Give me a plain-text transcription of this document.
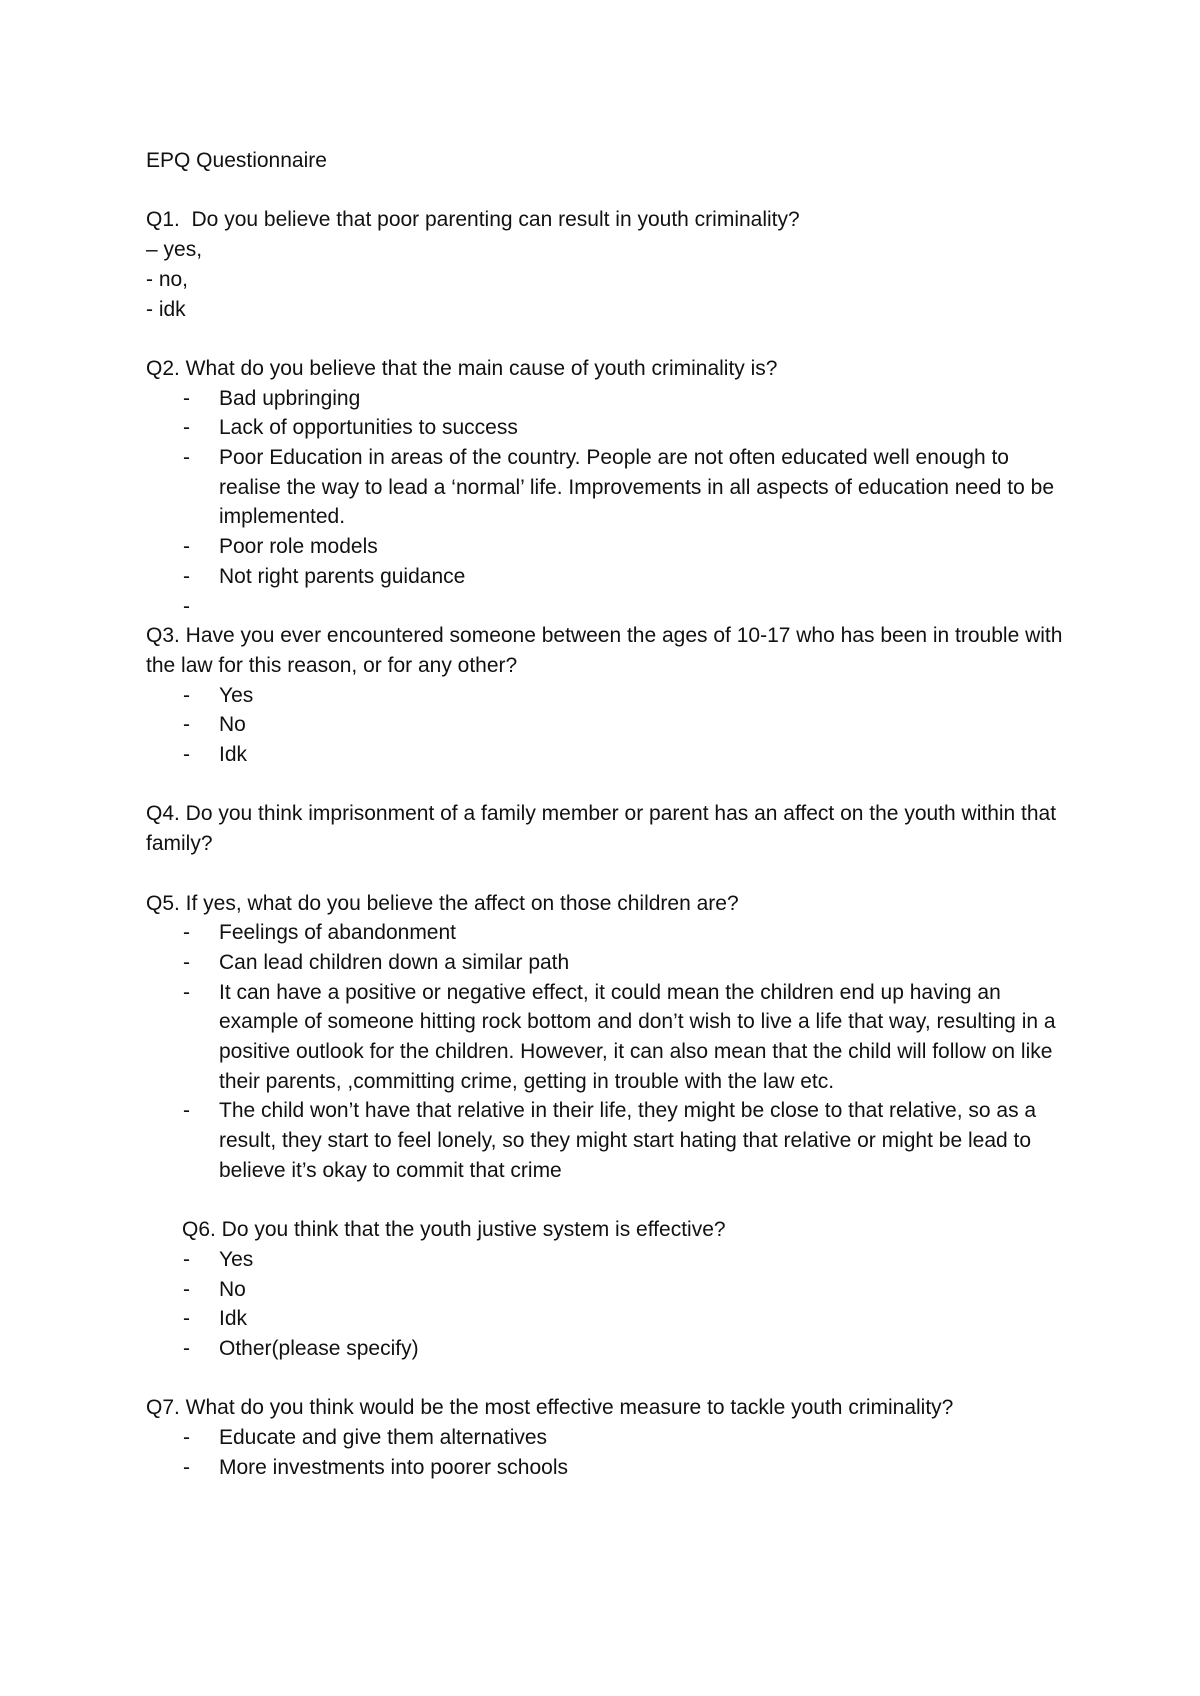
EPQ Questionnaire

Q1.  Do you believe that poor parenting can result in youth criminality?

– yes,

- no,

- idk

Q2. What do you believe that the main cause of youth criminality is?

- Bad upbringing
- Lack of opportunities to success
- Poor Education in areas of the country. People are not often educated well enough to realise the way to lead a ‘normal’ life. Improvements in all aspects of education need to be implemented.
- Poor role models
- Not right parents guidance
-

Q3. Have you ever encountered someone between the ages of 10-17 who has been in trouble with the law for this reason, or for any other?

- Yes
- No
- Idk

Q4. Do you think imprisonment of a family member or parent has an affect on the youth within that family?

Q5. If yes, what do you believe the affect on those children are?

- Feelings of abandonment
- Can lead children down a similar path
- It can have a positive or negative effect, it could mean the children end up having an example of someone hitting rock bottom and don’t wish to live a life that way, resulting in a positive outlook for the children. However, it can also mean that the child will follow on like their parents, ,committing crime, getting in trouble with the law etc.
- The child won’t have that relative in their life, they might be close to that relative, so as a result, they start to feel lonely, so they might start hating that relative or might be lead to believe it’s okay to commit that crime

Q6. Do you think that the youth justive system is effective?

- Yes
- No
- Idk
- Other(please specify)

Q7. What do you think would be the most effective measure to tackle youth criminality?

- Educate and give them alternatives
- More investments into poorer schools
